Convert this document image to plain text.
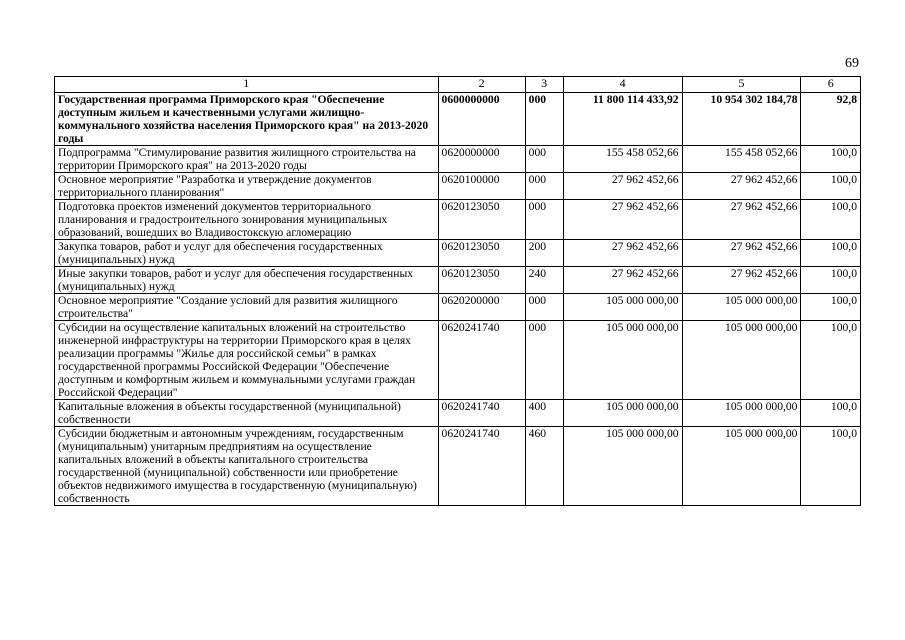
69
1	2	3	4	5	6
Государственная программа Приморского края "Обеспечение доступным жильем и качественными услугами жилищно-коммунального хозяйства населения Приморского края" на 2013-2020 годы	0600000000	000	11 800 114 433,92	10 954 302 184,78	92,8
Подпрограмма "Стимулирование развития жилищного строительства на территории Приморского края" на 2013-2020 годы	0620000000	000	155 458 052,66	155 458 052,66	100,0
Основное мероприятие "Разработка и утверждение документов территориального планирования"	0620100000	000	27 962 452,66	27 962 452,66	100,0
Подготовка проектов изменений документов территориального планирования и градостроительного зонирования муниципальных образований, вошедших во Владивостокскую агломерацию	0620123050	000	27 962 452,66	27 962 452,66	100,0
Закупка товаров, работ и услуг для обеспечения государственных (муниципальных) нужд	0620123050	200	27 962 452,66	27 962 452,66	100,0
Иные закупки товаров, работ и услуг для обеспечения государственных (муниципальных) нужд	0620123050	240	27 962 452,66	27 962 452,66	100,0
Основное мероприятие "Создание условий для развития жилищного строительства"	0620200000	000	105 000 000,00	105 000 000,00	100,0
Субсидии на осуществление капитальных вложений на строительство инженерной инфраструктуры на территории Приморского края в целях реализации программы "Жилье для российской семьи" в рамках государственной программы Российской Федерации "Обеспечение доступным и комфортным жильем и коммунальными услугами граждан Российской Федерации"	0620241740	000	105 000 000,00	105 000 000,00	100,0
Капитальные вложения в объекты государственной (муниципальной) собственности	0620241740	400	105 000 000,00	105 000 000,00	100,0
Субсидии бюджетным и автономным учреждениям, государственным (муниципальным) унитарным предприятиям на осуществление капитальных вложений в объекты капитального строительства государственной (муниципальной) собственности или приобретение объектов недвижимого имущества в государственную (муниципальную) собственность	0620241740	460	105 000 000,00	105 000 000,00	100,0
